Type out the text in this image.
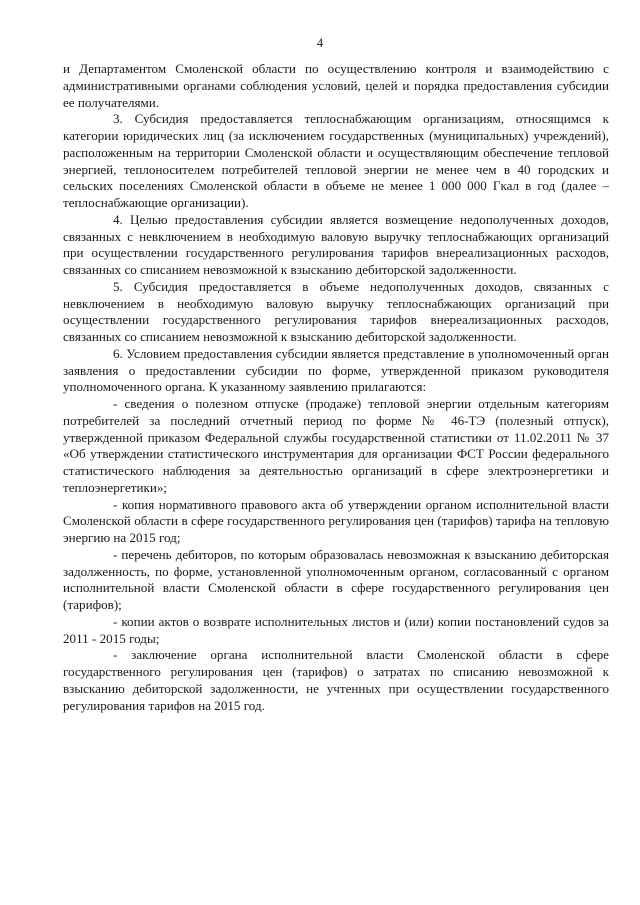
4

и Департаментом Смоленской области по осуществлению контроля и взаимодействию с административными органами соблюдения условий, целей и порядка предоставления субсидии ее получателями.

3. Субсидия предоставляется теплоснабжающим организациям, относящимся к категории юридических лиц (за исключением государственных (муниципальных) учреждений), расположенным на территории Смоленской области и осуществляющим обеспечение тепловой энергией, теплоносителем потребителей тепловой энергии не менее чем в 40 городских и сельских поселениях Смоленской области в объеме не менее 1 000 000 Гкал в год (далее – теплоснабжающие организации).

4. Целью предоставления субсидии является возмещение недополученных доходов, связанных с невключением в необходимую валовую выручку теплоснабжающих организаций при осуществлении государственного регулирования тарифов внереализационных расходов, связанных со списанием невозможной к взысканию дебиторской задолженности.

5. Субсидия предоставляется в объеме недополученных доходов, связанных с невключением в необходимую валовую выручку теплоснабжающих организаций при осуществлении государственного регулирования тарифов внереализационных расходов, связанных со списанием невозможной к взысканию дебиторской задолженности.

6. Условием предоставления субсидии является представление в уполномоченный орган заявления о предоставлении субсидии по форме, утвержденной приказом руководителя уполномоченного органа. К указанному заявлению прилагаются:

- сведения о полезном отпуске (продаже) тепловой энергии отдельным категориям потребителей за последний отчетный период по форме № 46-ТЭ (полезный отпуск), утвержденной приказом Федеральной службы государственной статистики от 11.02.2011 № 37 «Об утверждении статистического инструментария для организации ФСТ России федерального статистического наблюдения за деятельностью организаций в сфере электроэнергетики и теплоэнергетики»;

- копия нормативного правового акта об утверждении органом исполнительной власти Смоленской области в сфере государственного регулирования цен (тарифов) тарифа на тепловую энергию на 2015 год;

- перечень дебиторов, по которым образовалась невозможная к взысканию дебиторская задолженность, по форме, установленной уполномоченным органом, согласованный с органом исполнительной власти Смоленской области в сфере государственного регулирования цен (тарифов);

- копии актов о возврате исполнительных листов и (или) копии постановлений судов за 2011 - 2015 годы;

- заключение органа исполнительной власти Смоленской области в сфере государственного регулирования цен (тарифов) о затратах по списанию невозможной к взысканию дебиторской задолженности, не учтенных при осуществлении государственного регулирования тарифов на 2015 год.
